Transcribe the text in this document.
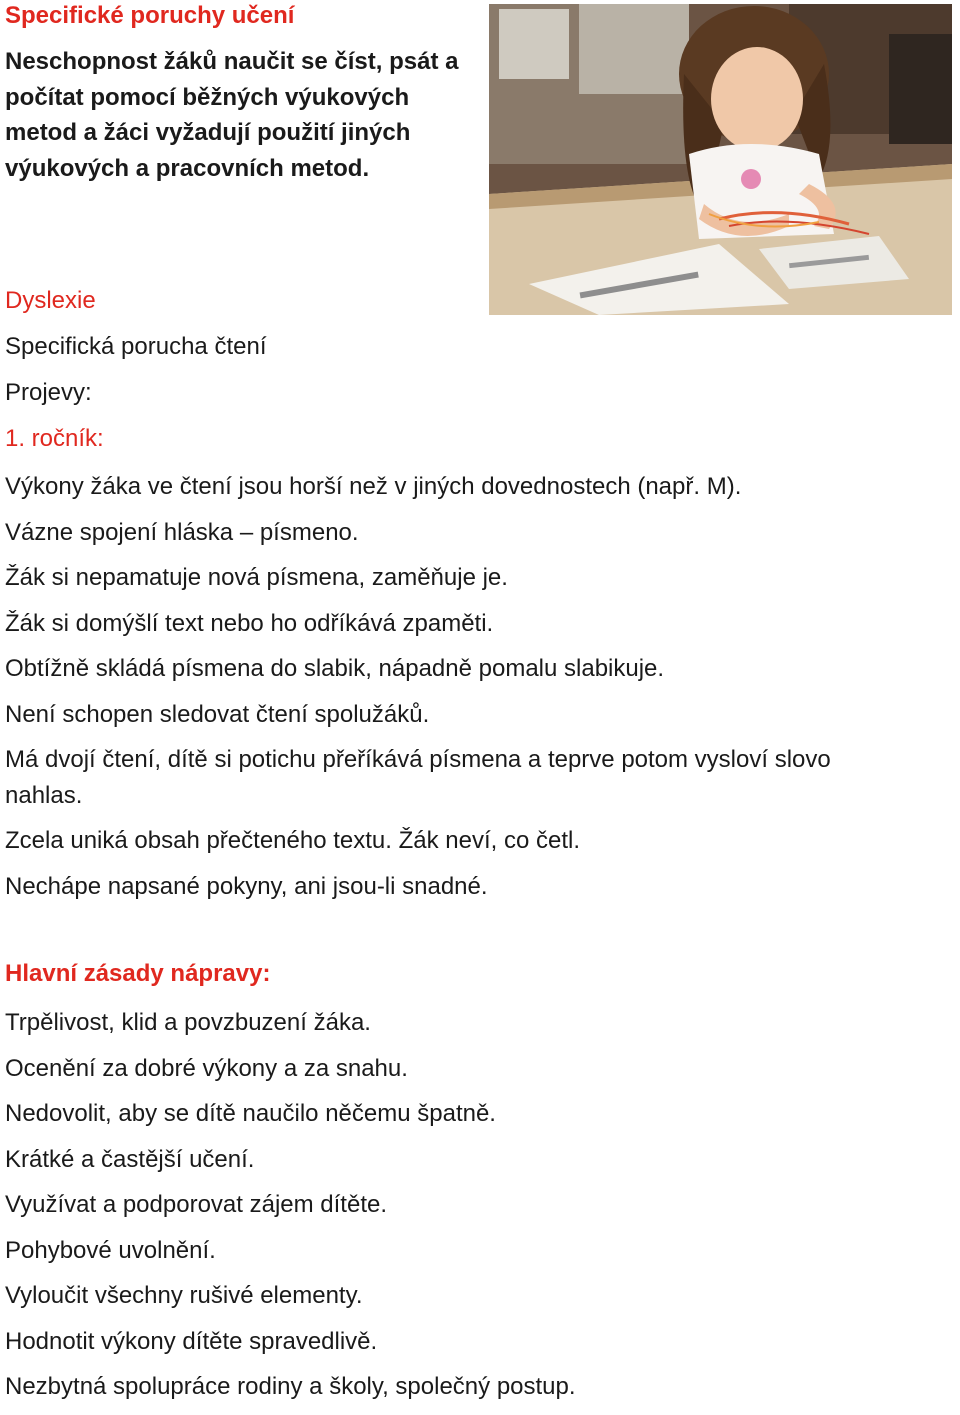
Specifické poruchy učení

Neschopnost žáků naučit se číst, psát a počítat pomocí běžných výukových metod a žáci vyžadují použití jiných výukových a pracovních metod.

Dyslexie

Specifická porucha čtení

Projevy:

1. ročník:

Výkony žáka ve čtení jsou horší než v jiných dovednostech (např. M).
Vázne spojení hláska – písmeno.
Žák si nepamatuje nová písmena, zaměňuje je.
Žák si domýšlí text nebo ho odříkává zpaměti.
Obtížně skládá písmena do slabik, nápadně pomalu slabikuje.
Není schopen sledovat čtení spolužáků.
Má dvojí čtení, dítě si potichu přeříkává písmena a teprve potom vysloví slovo
nahlas.
Zcela uniká obsah přečteného textu. Žák neví, co četl.
Nechápe napsané pokyny, ani jsou-li snadné.
Hlavní zásady nápravy:
Trpělivost, klid a povzbuzení žáka.
Ocenění za dobré výkony a za snahu.
Nedovolit, aby se dítě naučilo něčemu špatně.
Krátké a častější učení.
Využívat a podporovat zájem dítěte.
Pohybové uvolnění.
Vyloučit všechny rušivé elementy.
Hodnotit výkony dítěte spravedlivě.
Nezbytná spolupráce rodiny a školy, společný postup.
